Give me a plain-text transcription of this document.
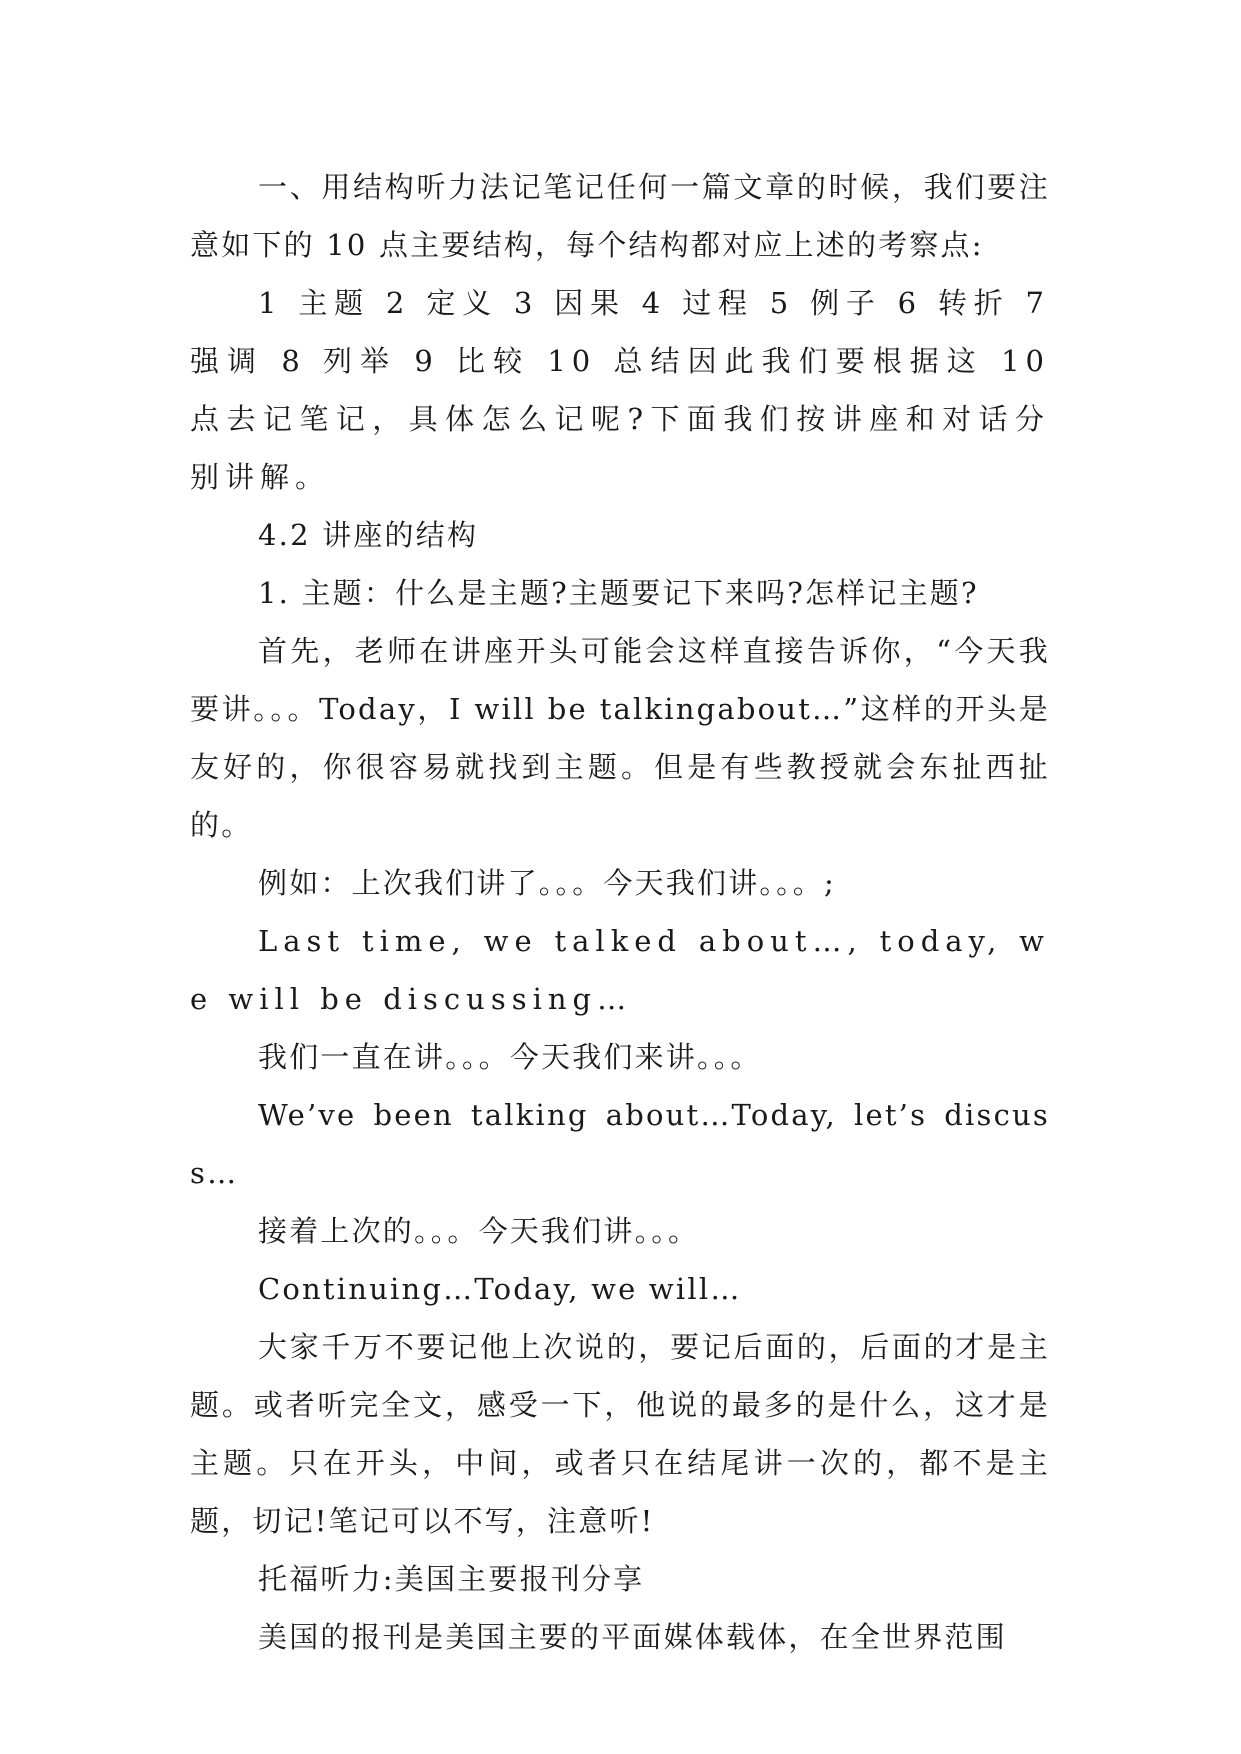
一、用结构听力法记笔记任何一篇文章的时候，我们要注意如下的 10 点主要结构，每个结构都对应上述的考察点:

1 主题 2 定义 3 因果 4 过程 5 例子 6 转折 7 强调 8 列举 9 比较 10 总结因此我们要根据这 10 点去记笔记，具体怎么记呢?下面我们按讲座和对话分别讲解。

4.2 讲座的结构

1. 主题：什么是主题?主题要记下来吗?怎样记主题?

首先，老师在讲座开头可能会这样直接告诉你，“今天我要讲。。。Today，I will be talkingabout…”这样的开头是友好的，你很容易就找到主题。但是有些教授就会东扯西扯的。

例如：上次我们讲了。。。今天我们讲。。。;

Last time, we talked about…, today, we will be discussing…

我们一直在讲。。。今天我们来讲。。。

We’ve been talking about…Today, let’s discuss…

接着上次的。。。今天我们讲。。。

Continuing…Today, we will…

大家千万不要记他上次说的，要记后面的，后面的才是主题。或者听完全文，感受一下，他说的最多的是什么，这才是主题。只在开头，中间，或者只在结尾讲一次的，都不是主题，切记!笔记可以不写，注意听!

托福听力:美国主要报刊分享

美国的报刊是美国主要的平面媒体载体，在全世界范围
